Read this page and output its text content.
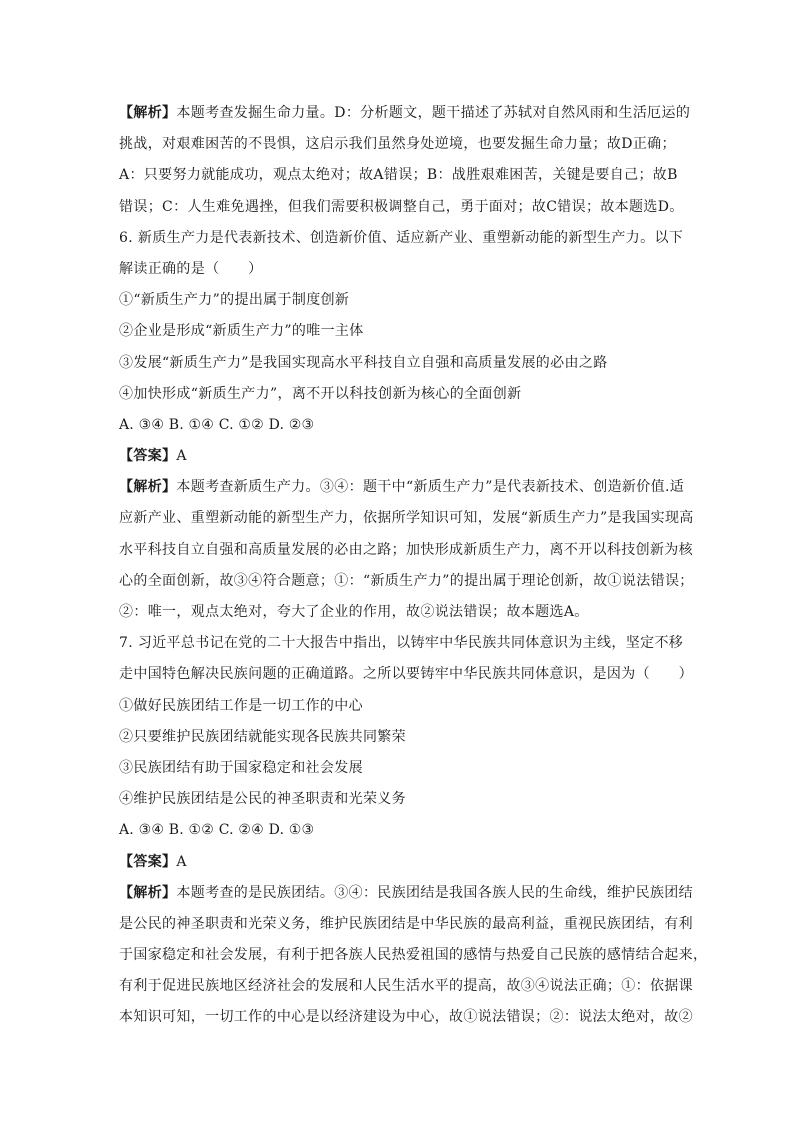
【解析】本题考查发掘生命力量。D：分析题文，题干描述了苏轼对自然风雨和生活厄运的
挑战，对艰难困苦的不畏惧，这启示我们虽然身处逆境，也要发掘生命力量；故D正确；
A：只要努力就能成功，观点太绝对；故A错误；B：战胜艰难困苦，关键是要自己；故B
错误；C：人生难免遇挫，但我们需要积极调整自己，勇于面对；故C错误；故本题选D。
6. 新质生产力是代表新技术、创造新价值、适应新产业、重塑新动能的新型生产力。以下
解读正确的是（　　）
①“新质生产力”的提出属于制度创新
②企业是形成“新质生产力”的唯一主体
③发展“新质生产力”是我国实现高水平科技自立自强和高质量发展的必由之路
④加快形成“新质生产力”，离不开以科技创新为核心的全面创新
A. ③④ B. ①④ C. ①② D. ②③
【答案】A
【解析】本题考查新质生产力。③④：题干中“新质生产力”是代表新技术、创造新价值.适
应新产业、重塑新动能的新型生产力，依据所学知识可知，发展“新质生产力”是我国实现高
水平科技自立自强和高质量发展的必由之路；加快形成新质生产力，离不开以科技创新为核
心的全面创新，故③④符合题意；①：“新质生产力”的提出属于理论创新，故①说法错误；
②：唯一，观点太绝对，夸大了企业的作用，故②说法错误；故本题选A。
7. 习近平总书记在党的二十大报告中指出，以铸牢中华民族共同体意识为主线，坚定不移
走中国特色解决民族问题的正确道路。之所以要铸牢中华民族共同体意识，是因为（　　）
①做好民族团结工作是一切工作的中心
②只要维护民族团结就能实现各民族共同繁荣
③民族团结有助于国家稳定和社会发展
④维护民族团结是公民的神圣职责和光荣义务
A. ③④ B. ①② C. ②④ D. ①③
【答案】A
【解析】本题考查的是民族团结。③④：民族团结是我国各族人民的生命线，维护民族团结
是公民的神圣职责和光荣义务，维护民族团结是中华民族的最高利益，重视民族团结，有利
于国家稳定和社会发展，有利于把各族人民热爱祖国的感情与热爱自己民族的感情结合起来，
有利于促进民族地区经济社会的发展和人民生活水平的提高，故③④说法正确；①：依据课
本知识可知，一切工作的中心是以经济建设为中心，故①说法错误；②：说法太绝对，故②
